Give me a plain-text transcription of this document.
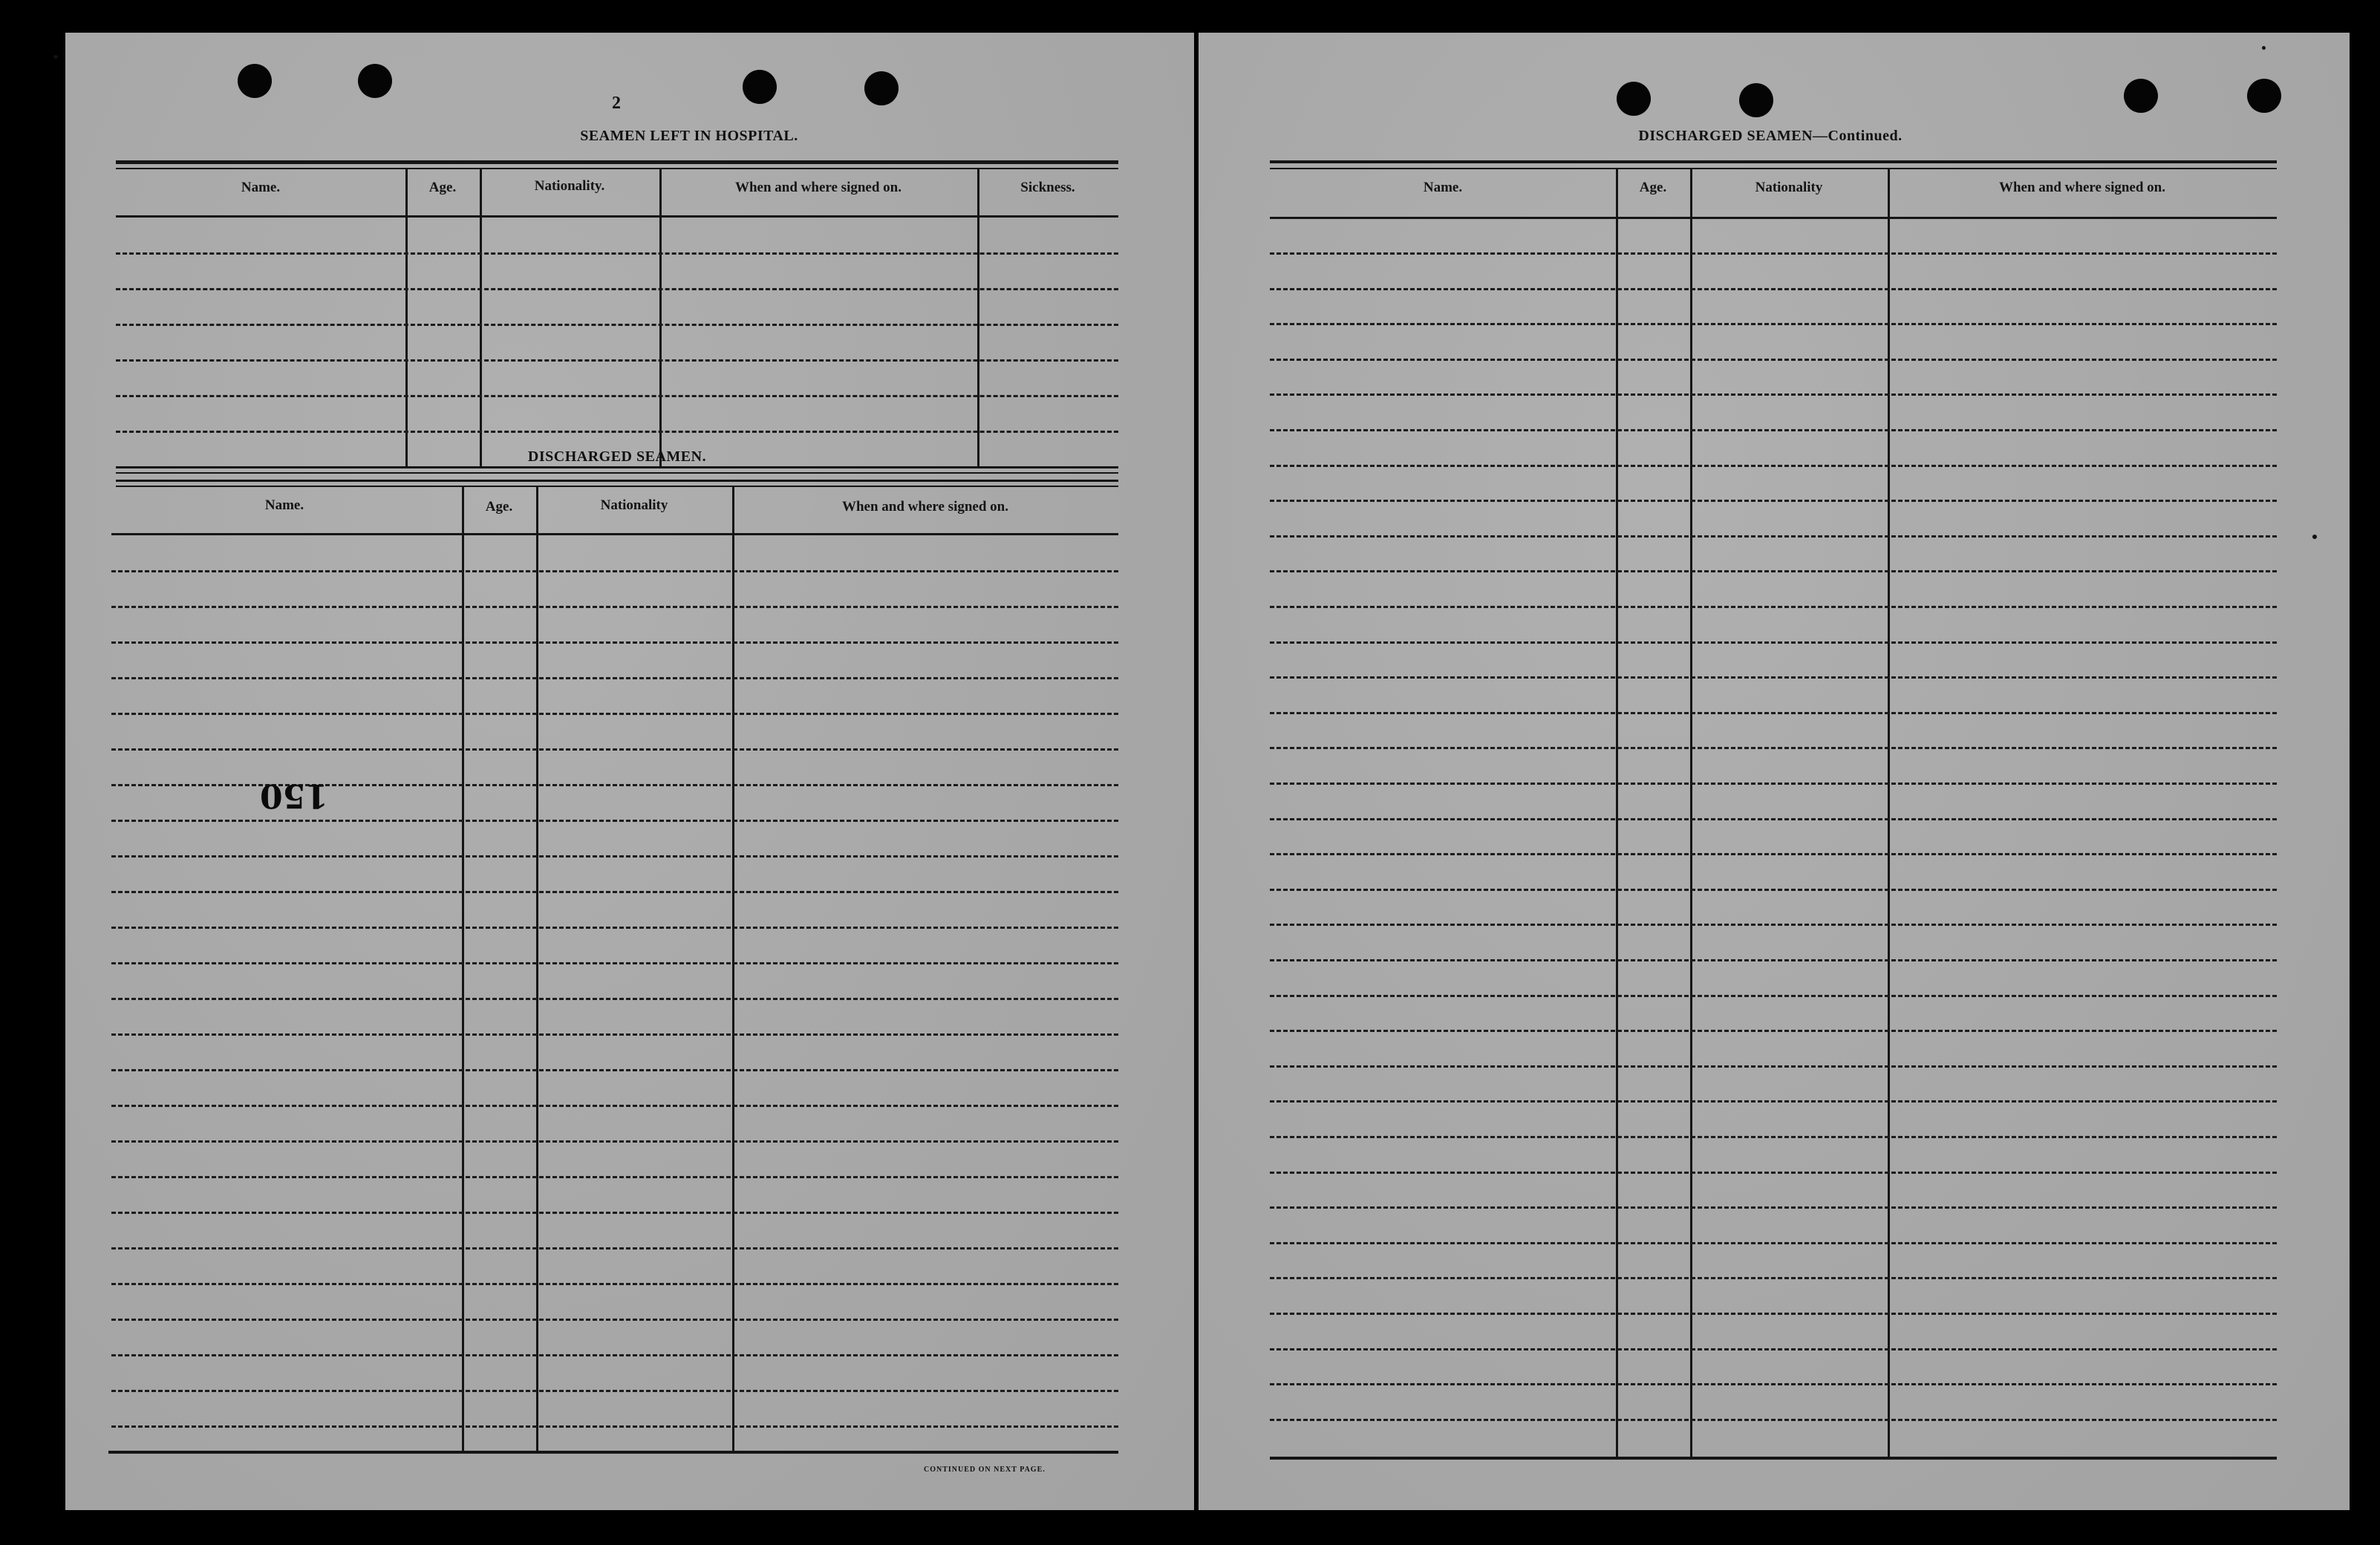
2
SEAMEN LEFT IN HOSPITAL.
Name.	Age.	Nationality.	When and where signed on.	Sickness.
DISCHARGED SEAMEN.
Name.	Age.	Nationality	When and where signed on.
150
CONTINUED ON NEXT PAGE.
DISCHARGED SEAMEN—Continued.
Name.	Age.	Nationality	When and where signed on.
